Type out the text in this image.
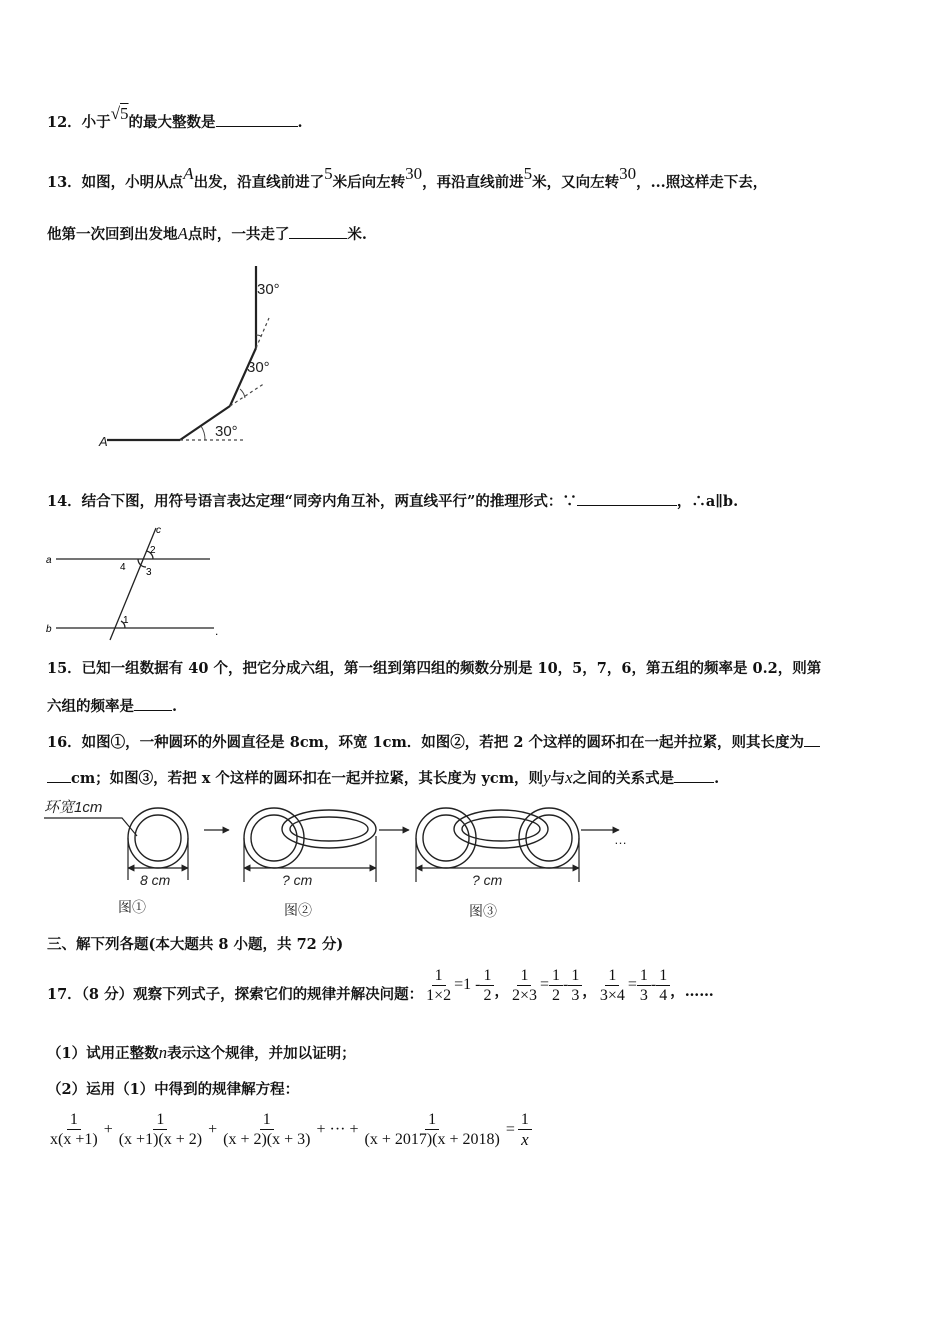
12．小于√5的最大整数是	.
13．如图，小明从点A出发，沿直线前进了5米后向左转30，再沿直线前进5米，又向左转30，...照这样走下去，
他第一次回到出发地A点时，一共走了	米.
30°
30°
30°
A
14．结合下图，用符号语言表达定理“同旁内角互补，两直线平行”的推理形式：∵	，∴a∥b.
a
b
c
1
2
3
4
.
15．已知一组数据有 40 个，把它分成六组，第一组到第四组的频数分别是 10，5，7，6，第五组的频率是 0.2，则第
六组的频率是	.
16．如图①，一种圆环的外圆直径是 8cm，环宽 1cm．如图②，若把 2 个这样的圆环扣在一起并拉紧，则其长度为
cm；如图③，若把 x 个这样的圆环扣在一起并拉紧，其长度为 ycm，则y与x之间的关系式是	.
环宽1cm
8 cm	? cm	? cm
图①	图②	图③
…
三、解下列各题(本大题共 8 小题，共 72 分)
17．（8 分）观察下列式子，探索它们的规律并解决问题： $\frac{1}{1\times 2} =1 - \frac{1}{2}$ ， $\frac{1}{2\times 3} = \frac{1}{2} - \frac{1}{3}$ ， $\frac{1}{3\times 4} = \frac{1}{3} - \frac{1}{4}$ ，……
（1）试用正整数n表示这个规律，并加以证明；
（2）运用（1）中得到的规律解方程：
$\frac{1}{x(x +1)} + \frac{1}{(x +1)(x + 2)} + \frac{1}{(x + 2)(x + 3)}$ + ··· + $\frac{1}{(x + 2017)(x + 2018)} = \frac{1}{x}$
